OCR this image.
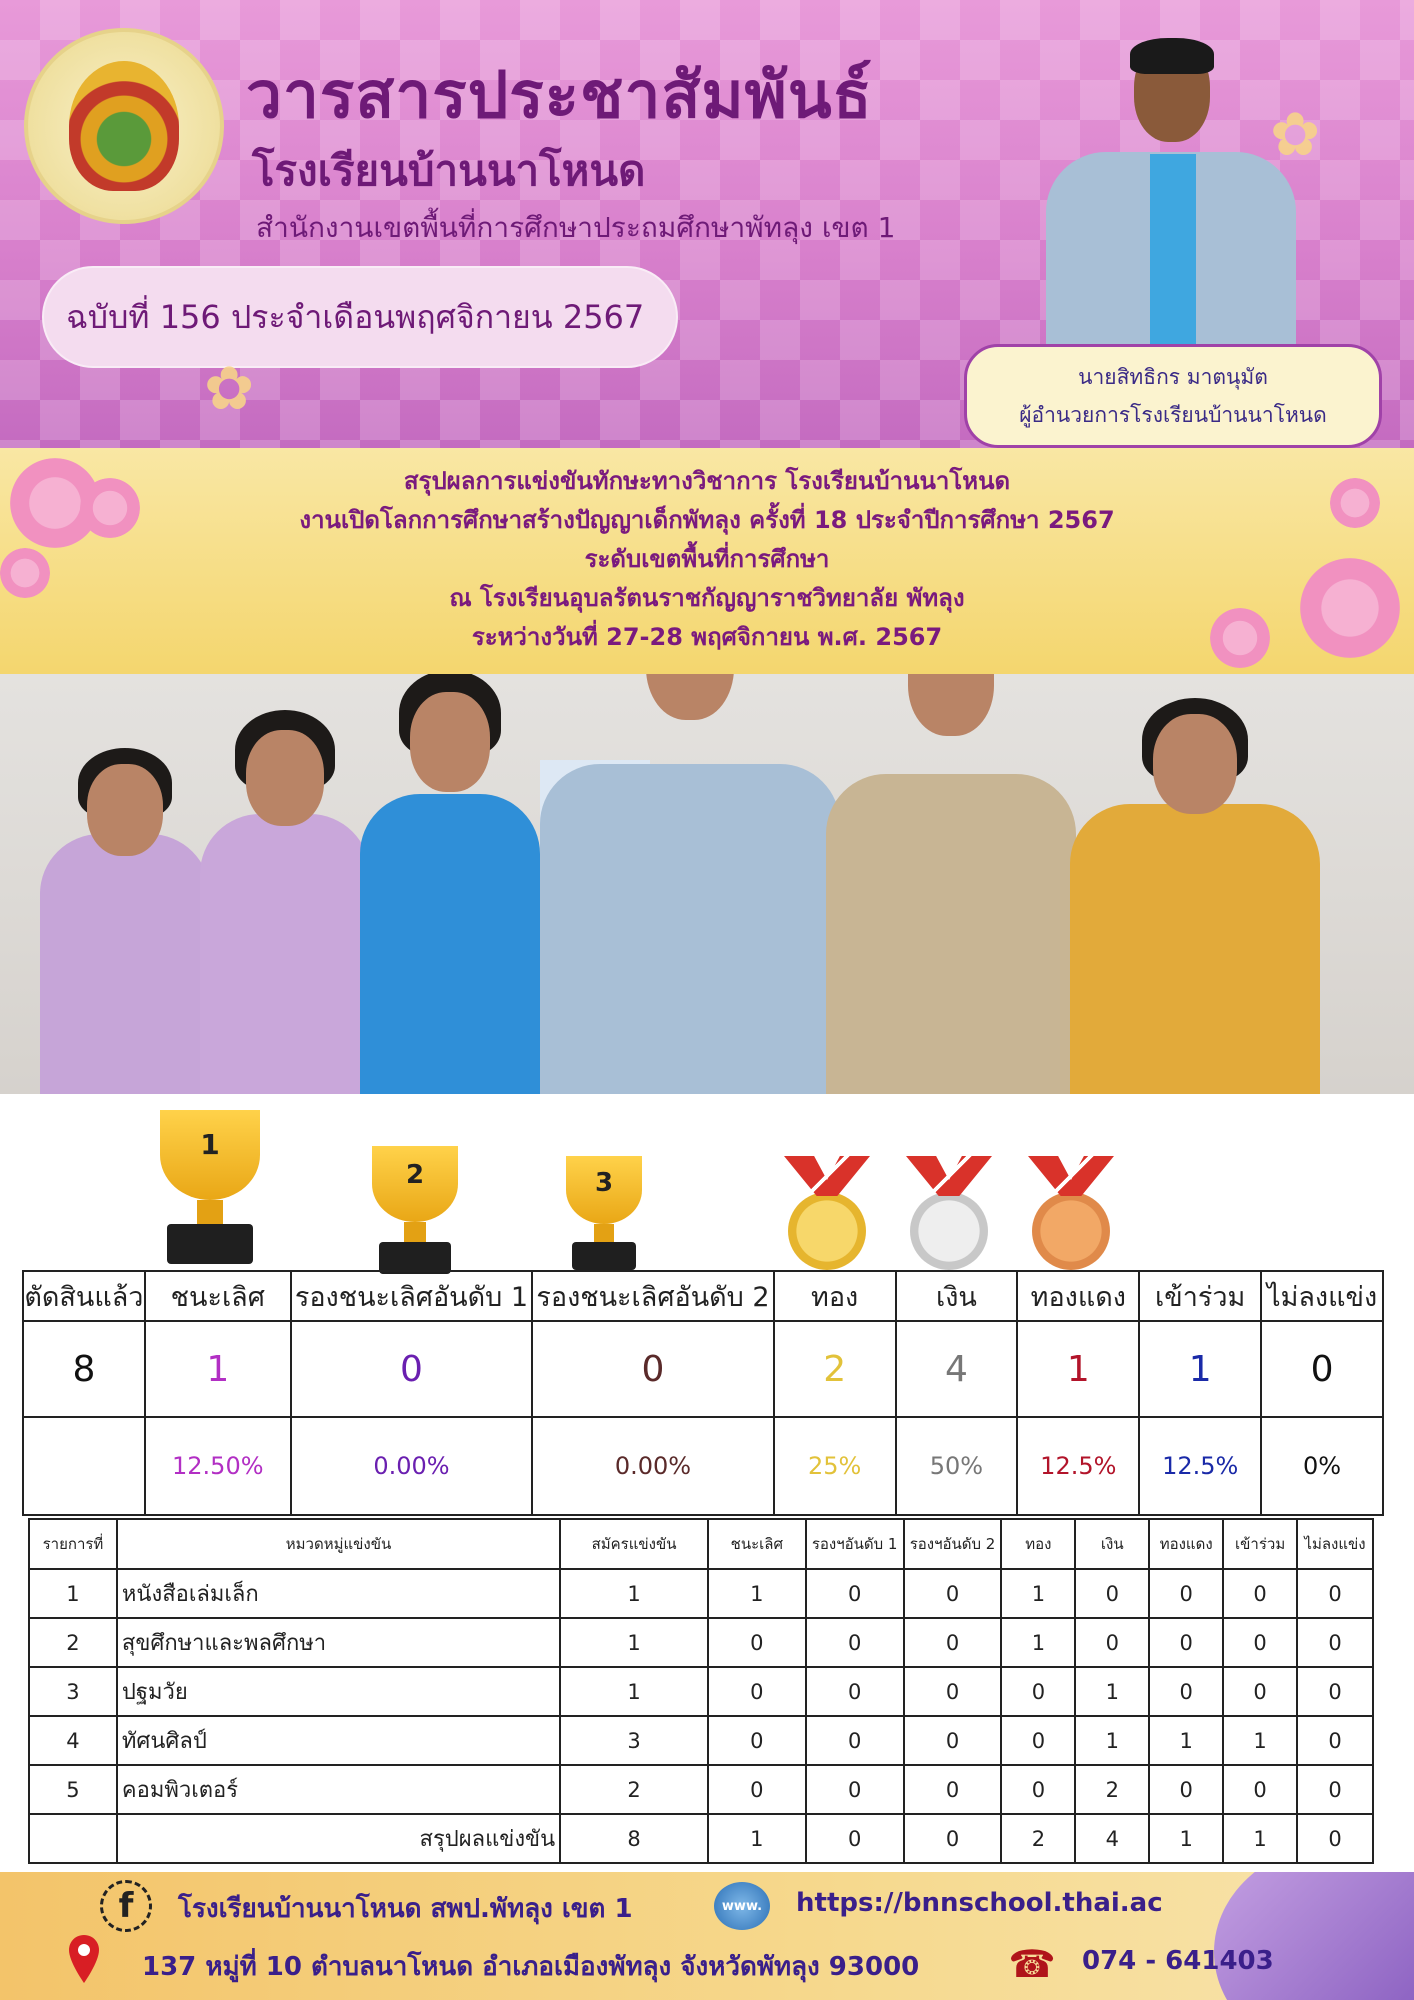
วารสารประชาสัมพันธ์
โรงเรียนบ้านนาโหนด
สำนักงานเขตพื้นที่การศึกษาประถมศึกษาพัทลุง เขต 1
ฉบับที่ 156 ประจำเดือนพฤศจิกายน 2567
✿
✿
นายสิทธิกร มาตนุมัต
ผู้อำนวยการโรงเรียนบ้านนาโหนด
สรุปผลการแข่งขันทักษะทางวิชาการ โรงเรียนบ้านนาโหนด
งานเปิดโลกการศึกษาสร้างปัญญาเด็กพัทลุง ครั้งที่ 18 ประจำปีการศึกษา 2567
ระดับเขตพื้นที่การศึกษา
ณ โรงเรียนอุบลรัตนราชกัญญาราชวิทยาลัย พัทลุง
ระหว่างวันที่ 27-28 พฤศจิกายน พ.ศ. 2567
1
2	3
ตัดสินแล้ว	ชนะเลิศ	รองชนะเลิศอันดับ 1	รองชนะเลิศอันดับ 2	ทอง	เงิน	ทองแดง	เข้าร่วม	ไม่ลงแข่ง
8	1	0	0	2	4	1	1	0
	12.50%	0.00%	0.00%	25%	50%	12.5%	12.5%	0%
รายการที่	หมวดหมู่แข่งขัน	สมัครแข่งขัน	ชนะเลิศ	รองฯอันดับ 1	รองฯอันดับ 2	ทอง	เงิน	ทองแดง	เข้าร่วม	ไม่ลงแข่ง
1	หนังสือเล่มเล็ก	1	1	0	0	1	0	0	0	0
2	สุขศึกษาและพลศึกษา	1	0	0	0	1	0	0	0	0
3	ปฐมวัย	1	0	0	0	0	1	0	0	0
4	ทัศนศิลป์	3	0	0	0	0	1	1	1	0
5	คอมพิวเตอร์	2	0	0	0	0	2	0	0	0
	สรุปผลแข่งขัน	8	1	0	0	2	4	1	1	0
f	โรงเรียนบ้านนาโหนด สพป.พัทลุง เขต 1	www. https://bnnschool.thai.ac
137 หมู่ที่ 10 ตำบลนาโหนด อำเภอเมืองพัทลุง จังหวัดพัทลุง 93000 ☎ 074 - 641403
